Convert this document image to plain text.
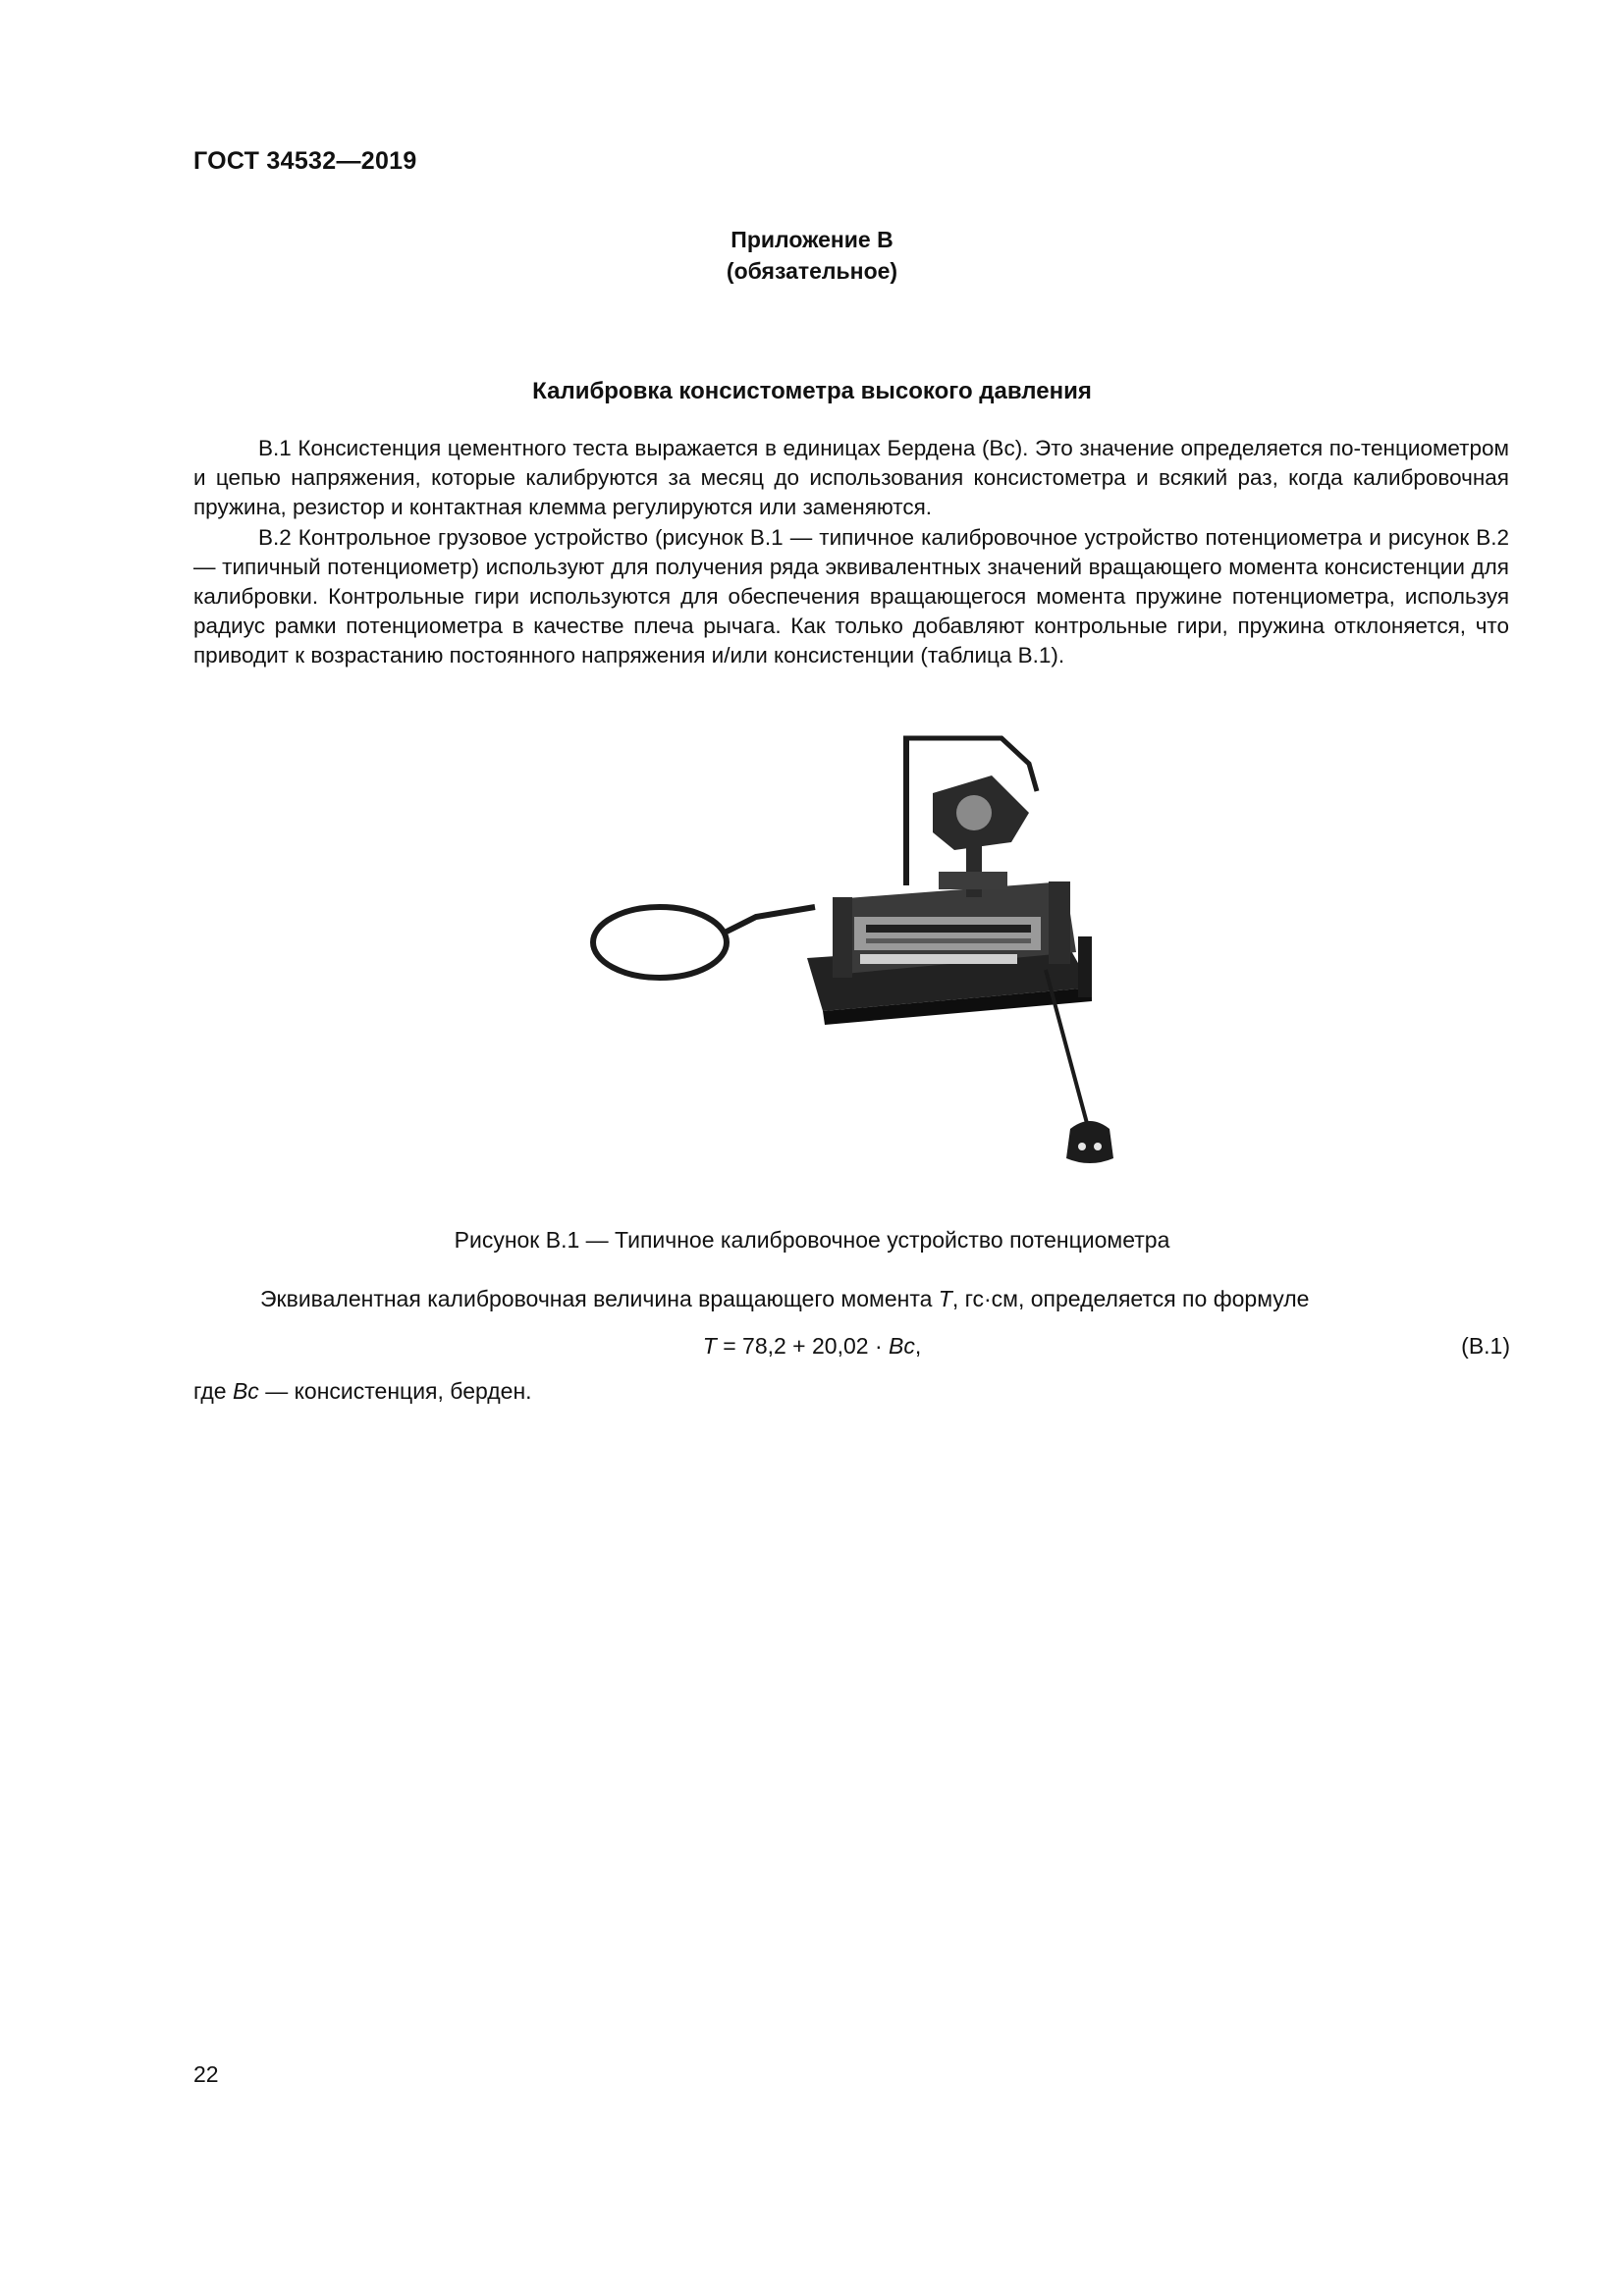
ГОСТ 34532—2019
Приложение В
(обязательное)
Калибровка консистометра высокого давления

В.1 Консистенция цементного теста выражается в единицах Бердена (Вс). Это значение определяется по-тенциометром и цепью напряжения, которые калибруются за месяц до использования консистометра и всякий раз, когда калибровочная пружина, резистор и контактная клемма регулируются или заменяются.

В.2 Контрольное грузовое устройство (рисунок В.1 — типичное калибровочное устройство потенциометра и рисунок В.2 — типичный потенциометр) используют для получения ряда эквивалентных значений вращающего момента консистенции для калибровки. Контрольные гири используются для обеспечения вращающегося момента пружине потенциометра, используя радиус рамки потенциометра в качестве плеча рычага. Как только добавляют контрольные гири, пружина отклоняется, что приводит к возрастанию постоянного напряжения и/или консистенции (таблица В.1).

Рисунок В.1 — Типичное калибровочное устройство потенциометра
Эквивалентная калибровочная величина вращающего момента T, гс·см, определяется по формуле
T = 78,2 + 20,02 · Bc,	(В.1)
где Bc — консистенция, берден.
22
